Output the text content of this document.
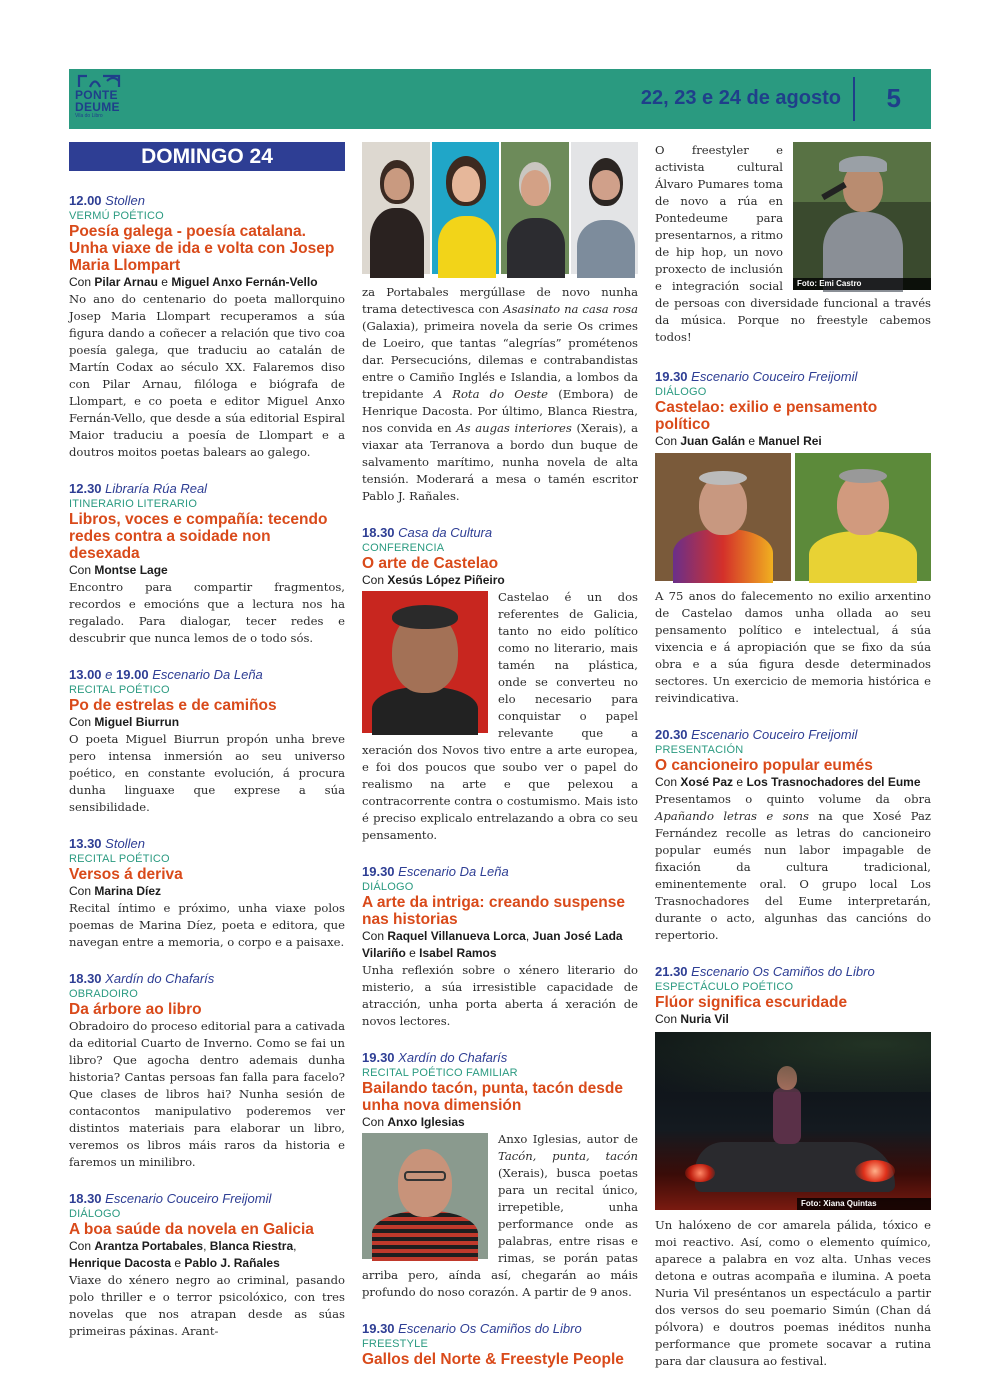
PONTE
DEUME
Vila do Libro
22, 23 e 24 de agosto 5
DOMINGO 24
12.00 Stollen
VERMÚ POÉTICO
Poesía galega - poesía catalana. Unha viaxe de ida e volta con Josep Maria Llompart
Con Pilar Arnau e Miguel Anxo Fernán-Vello
No ano do centenario do poeta mallorquino Josep Maria Llompart recuperamos a súa figura dando a coñecer a relación que tivo coa poesía galega, que traduciu ao catalán de Martín Codax ao século XX. Falaremos diso con Pilar Arnau, filóloga e biógrafa de Llompart, e co poeta e editor Miguel Anxo Fernán-Vello, que desde a súa editorial Espiral Maior traduciu a poesía de Llompart e a doutros moitos poetas balears ao galego.
12.30 Libraría Rúa Real
ITINERARIO LITERARIO
Libros, voces e compañía: tecendo redes contra a soidade non desexada
Con Montse Lage
Encontro para compartir fragmentos, recordos e emocións que a lectura nos ha regalado. Para dialogar, tecer redes e descubrir que nunca lemos de o todo sós.
13.00 e 19.00 Escenario Da Leña
RECITAL POÉTICO
Po de estrelas e de camiños
Con Miguel Biurrun
O poeta Miguel Biurrun propón unha breve pero intensa inmersión ao seu universo poético, en constante evolución, á procura dunha linguaxe que exprese a súa sensibilidade.
13.30 Stollen
RECITAL POÉTICO
Versos á deriva
Con Marina Díez
Recital íntimo e próximo, unha viaxe polos poemas de Marina Díez, poeta e editora, que navegan entre a memoria, o corpo e a paisaxe.
18.30 Xardín do Chafarís
OBRADOIRO
Da árbore ao libro
Obradoiro do proceso editorial para a cativada da editorial Cuarto de Inverno. Como se fai un libro? Que agocha dentro ademais dunha historia? Cantas persoas fan falla para facelo? Que clases de libros hai? Nunha sesión de contacontos manipulativo poderemos ver distintos materiais para elaborar un libro, veremos os libros máis raros da historia e faremos un minilibro.
18.30 Escenario Couceiro Freijomil
DIÁLOGO
A boa saúde da novela en Galicia
Con Arantza Portabales, Blanca Riestra, Henrique Dacosta e Pablo J. Rañales
Viaxe do xénero negro ao criminal, pasando polo thriller e o terror psicolóxico, con tres novelas que nos atrapan desde as súas primeiras páxinas. Arant-
za Portabales mergúllase de novo nunha trama detectivesca con Asasinato na casa rosa (Galaxia), primeira novela da serie Os crimes de Loeiro, que tantas “alegrías” prométenos dar. Persecucións, dilemas e contrabandistas entre o Camiño Inglés e Islandia, a lombos da trepidante A Rota do Oeste (Embora) de Henrique Dacosta. Por último, Blanca Riestra, nos convida en As augas interiores (Xerais), a viaxar ata Terranova a bordo dun buque de salvamento marítimo, nunha novela de alta tensión. Moderará a mesa o tamén escritor Pablo J. Rañales.
18.30 Casa da Cultura
CONFERENCIA
O arte de Castelao
Con Xesús López Piñeiro
Castelao é un dos referentes de Galicia, tanto no eido político como no literario, mais tamén na plástica, onde se converteu no elo necesario para conquistar o papel relevante que a xeración dos Novos tivo entre a arte europea, e foi dos poucos que soubo ver o papel do realismo na arte e que pelexou a contracorrente contra o costumismo. Mais isto é preciso explicalo entrelazando a obra co seu pensamento.
19.30 Escenario Da Leña
DIÁLOGO
A arte da intriga: creando suspense nas historias
Con Raquel Villanueva Lorca, Juan José Lada Vilariño e Isabel Ramos
Unha reflexión sobre o xénero literario do misterio, a súa irresistible capacidade de atracción, unha porta aberta á xeración de novos lectores.
19.30 Xardín do Chafarís
RECITAL POÉTICO FAMILIAR
Bailando tacón, punta, tacón desde unha nova dimensión
Con Anxo Iglesias
Anxo Iglesias, autor de Tacón, punta, tacón (Xerais), busca poetas para un recital único, irrepetible, unha performance onde as palabras, entre risas e rimas, se porán patas arriba pero, aínda así, chegarán ao máis profundo do noso corazón. A partir de 9 anos.
19.30 Escenario Os Camiños do Libro
FREESTYLE
Gallos del Norte & Freestyle People
Foto: Emi Castro
O freestyler e activista cultural Álvaro Pumares toma de novo a rúa en Pontedeume para presentarnos, a ritmo de hip hop, un novo proxecto de inclusión e integración social de persoas con diversidade funcional a través da música. Porque no freestyle cabemos todos!
19.30 Escenario Couceiro Freijomil
DIÁLOGO
Castelao: exilio e pensamento político
Con Juan Galán e Manuel Rei
A 75 anos do falecemento no exilio arxentino de Castelao damos unha ollada ao seu pensamento político e intelectual, á súa vixencia e á apropiación que se fixo da súa obra e a súa figura desde determinados sectores. Un exercicio de memoria histórica e reivindicativa.
20.30 Escenario Couceiro Freijomil
PRESENTACIÓN
O cancioneiro popular eumés
Con Xosé Paz e Los Trasnochadores del Eume
Presentamos o quinto volume da obra Apañando letras e sons na que Xosé Paz Fernández recolle as letras do cancioneiro popular eumés nun labor impagable de fixación da cultura tradicional, eminentemente oral. O grupo local Los Trasnochadores del Eume interpretarán, durante o acto, algunhas das cancións do repertorio.
21.30 Escenario Os Camiños do Libro
ESPECTÁCULO POÉTICO
Flúor significa escuridade
Con Nuria Vil
Foto: Xiana Quintas
Un halóxeno de cor amarela pálida, tóxico e moi reactivo. Así, como o elemento químico, aparece a palabra en voz alta. Unhas veces detona e outras acompaña e ilumina. A poeta Nuria Vil preséntanos un espectáculo a partir dos versos do seu poemario Simún (Chan dá pólvora) e doutros poemas inéditos nunha performance que promete socavar a rutina para dar clausura ao festival.
